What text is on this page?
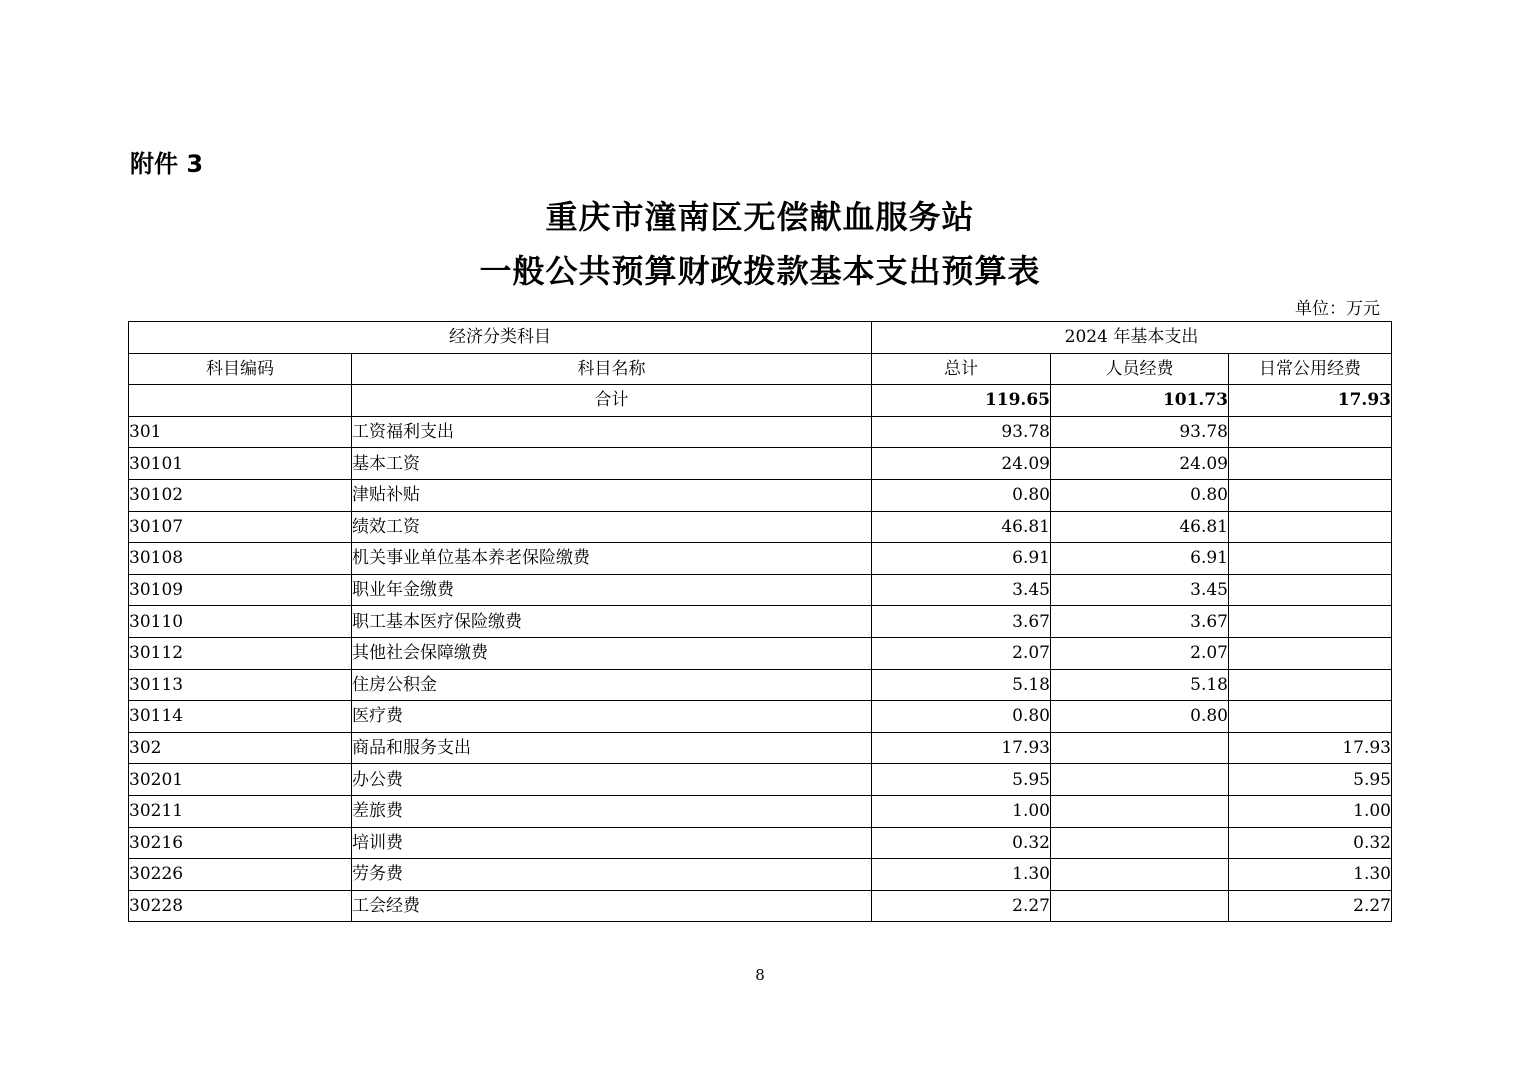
附件 3
重庆市潼南区无偿献血服务站
一般公共预算财政拨款基本支出预算表
单位：万元
经济分类科目		2024 年基本支出		
科目编码	科目名称	总计	人员经费	日常公用经费
	合计	119.65	101.73	17.93
301	工资福利支出	93.78	93.78	
30101	基本工资	24.09	24.09	
30102	津贴补贴	0.80	0.80	
30107	绩效工资	46.81	46.81	
30108	机关事业单位基本养老保险缴费	6.91	6.91	
30109	职业年金缴费	3.45	3.45	
30110	职工基本医疗保险缴费	3.67	3.67	
30112	其他社会保障缴费	2.07	2.07	
30113	住房公积金	5.18	5.18	
30114	医疗费	0.80	0.80	
302	商品和服务支出	17.93		17.93
30201	办公费	5.95		5.95
30211	差旅费	1.00		1.00
30216	培训费	0.32		0.32
30226	劳务费	1.30		1.30
30228	工会经费	2.27		2.27
8
